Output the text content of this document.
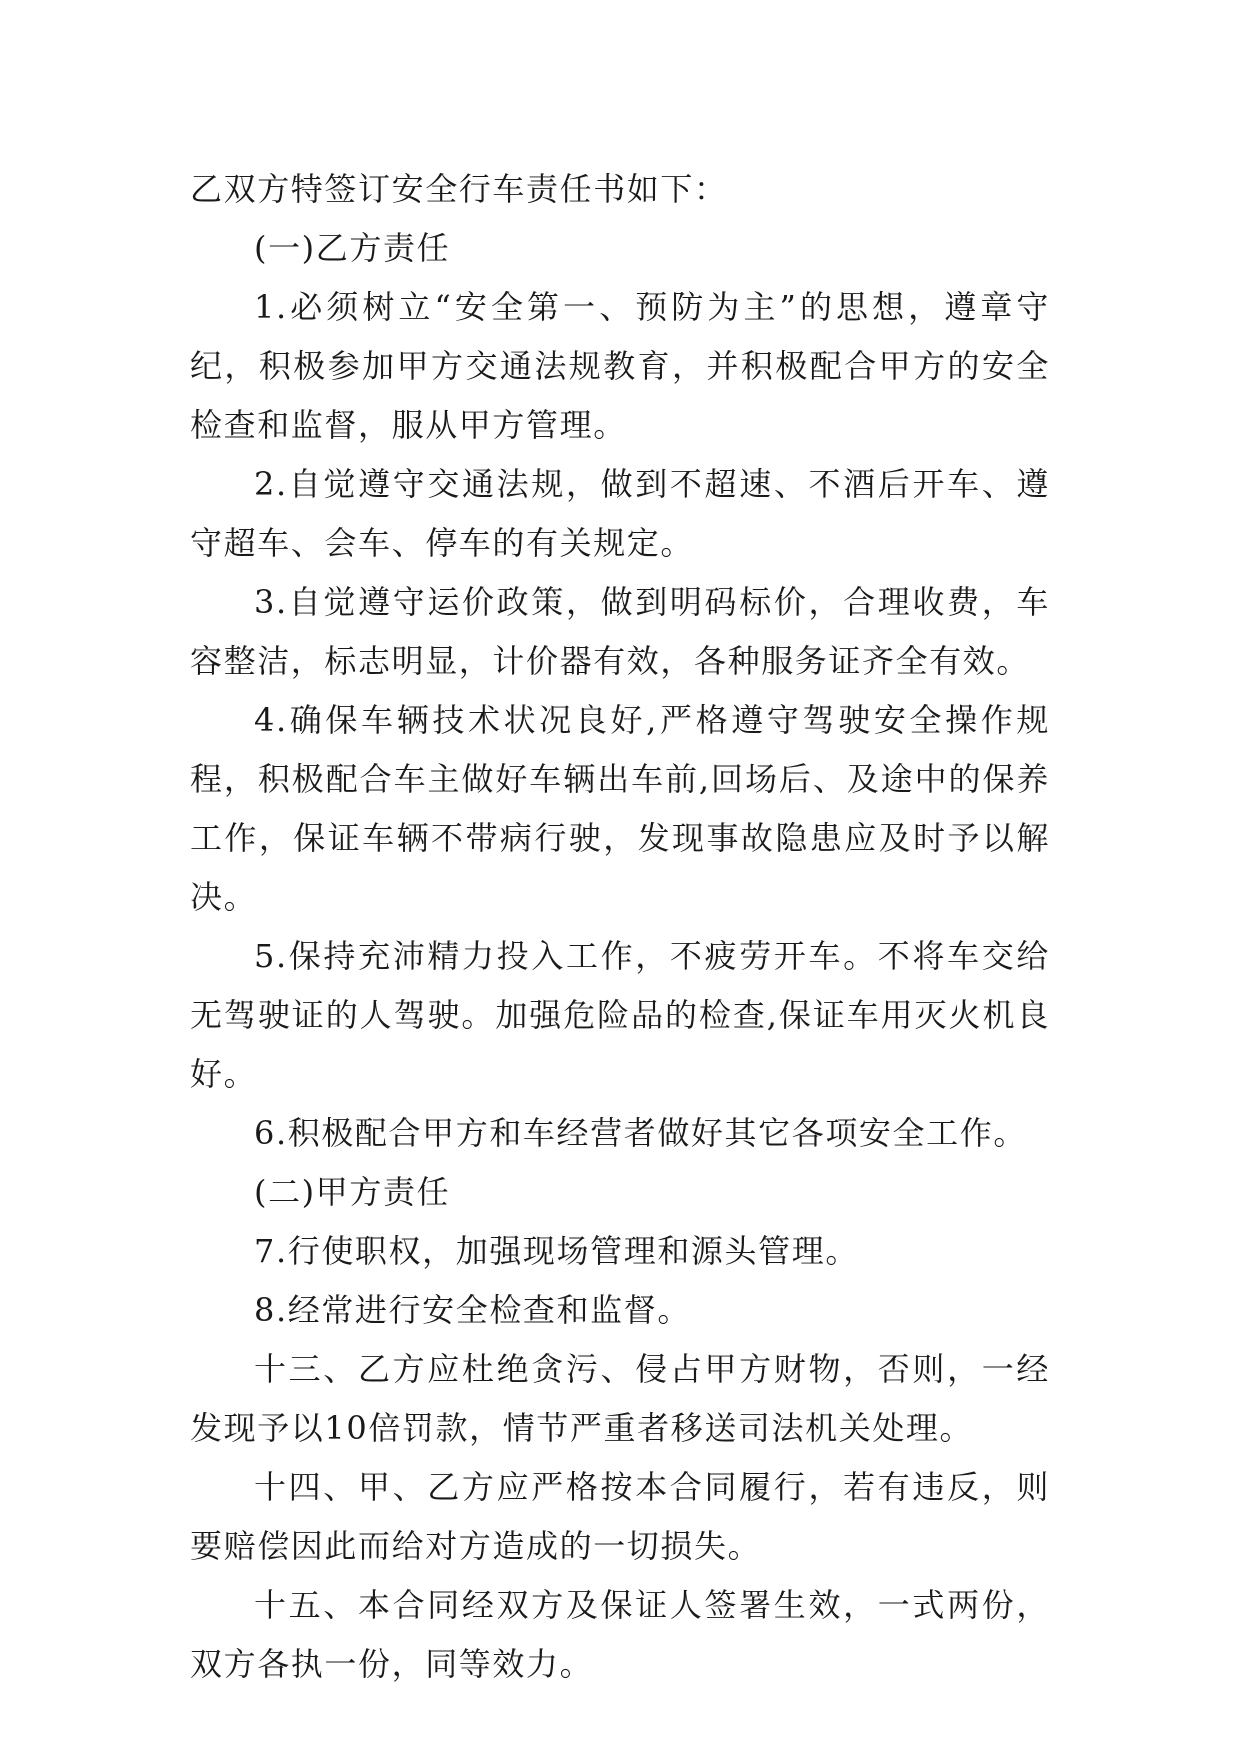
乙双方特签订安全行车责任书如下：

(一)乙方责任

1.必须树立“安全第一、预防为主”的思想，遵章守纪，积极参加甲方交通法规教育，并积极配合甲方的安全检查和监督，服从甲方管理。

2.自觉遵守交通法规，做到不超速、不酒后开车、遵守超车、会车、停车的有关规定。

3.自觉遵守运价政策，做到明码标价，合理收费，车容整洁，标志明显，计价器有效，各种服务证齐全有效。

4.确保车辆技术状况良好,严格遵守驾驶安全操作规程，积极配合车主做好车辆出车前,回场后、及途中的保养工作，保证车辆不带病行驶，发现事故隐患应及时予以解决。

5.保持充沛精力投入工作，不疲劳开车。不将车交给无驾驶证的人驾驶。加强危险品的检查,保证车用灭火机良好。

6.积极配合甲方和车经营者做好其它各项安全工作。

(二)甲方责任

7.行使职权，加强现场管理和源头管理。

8.经常进行安全检查和监督。

十三、乙方应杜绝贪污、侵占甲方财物，否则，一经发现予以10倍罚款，情节严重者移送司法机关处理。

十四、甲、乙方应严格按本合同履行，若有违反，则要赔偿因此而给对方造成的一切损失。

十五、本合同经双方及保证人签署生效，一式两份，双方各执一份，同等效力。
